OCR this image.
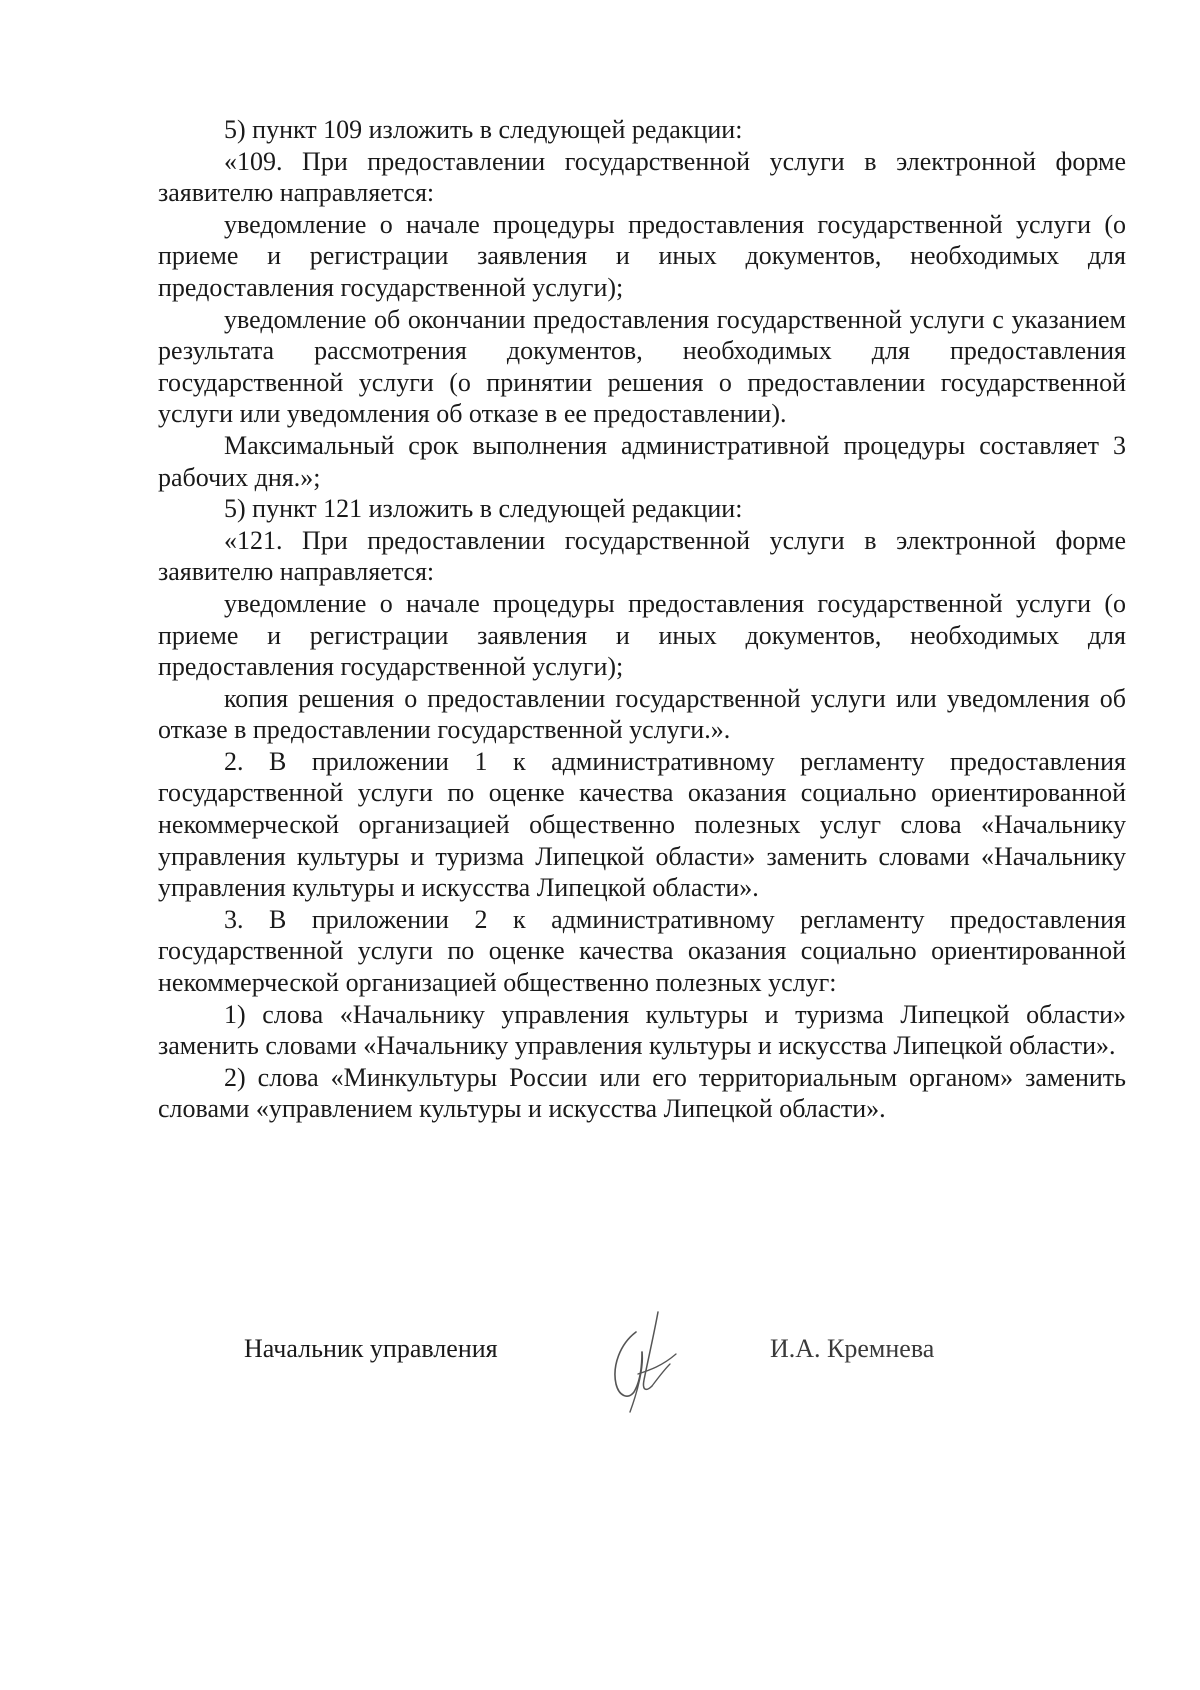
5) пункт 109 изложить в следующей редакции:

«109. При предоставлении государственной услуги в электронной форме заявителю направляется:

уведомление о начале процедуры предоставления государственной услуги (о приеме и регистрации заявления и иных документов, необходимых для предоставления государственной услуги);

уведомление об окончании предоставления государственной услуги с указанием результата рассмотрения документов, необходимых для предоставления государственной услуги (о принятии решения о предоставлении государственной услуги или уведомления об отказе в ее предоставлении).

Максимальный срок выполнения административной процедуры составляет 3 рабочих дня.»;

5) пункт 121 изложить в следующей редакции:

«121. При предоставлении государственной услуги в электронной форме заявителю направляется:

уведомление о начале процедуры предоставления государственной услуги (о приеме и регистрации заявления и иных документов, необходимых для предоставления государственной услуги);

копия решения о предоставлении государственной услуги или уведомления об отказе в предоставлении государственной услуги.».

2. В приложении 1 к административному регламенту предоставления государственной услуги по оценке качества оказания социально ориентированной некоммерческой организацией общественно полезных услуг слова «Начальнику управления культуры и туризма Липецкой области» заменить словами «Начальнику управления культуры и искусства Липецкой области».

3. В приложении 2 к административному регламенту предоставления государственной услуги по оценке качества оказания социально ориентированной некоммерческой организацией общественно полезных услуг:

1) слова «Начальнику управления культуры и туризма Липецкой области» заменить словами «Начальнику управления культуры и искусства Липецкой области».

2) слова «Минкультуры России или его территориальным органом» заменить словами «управлением культуры и искусства Липецкой области».

Начальник управления	И.А. Кремнева
